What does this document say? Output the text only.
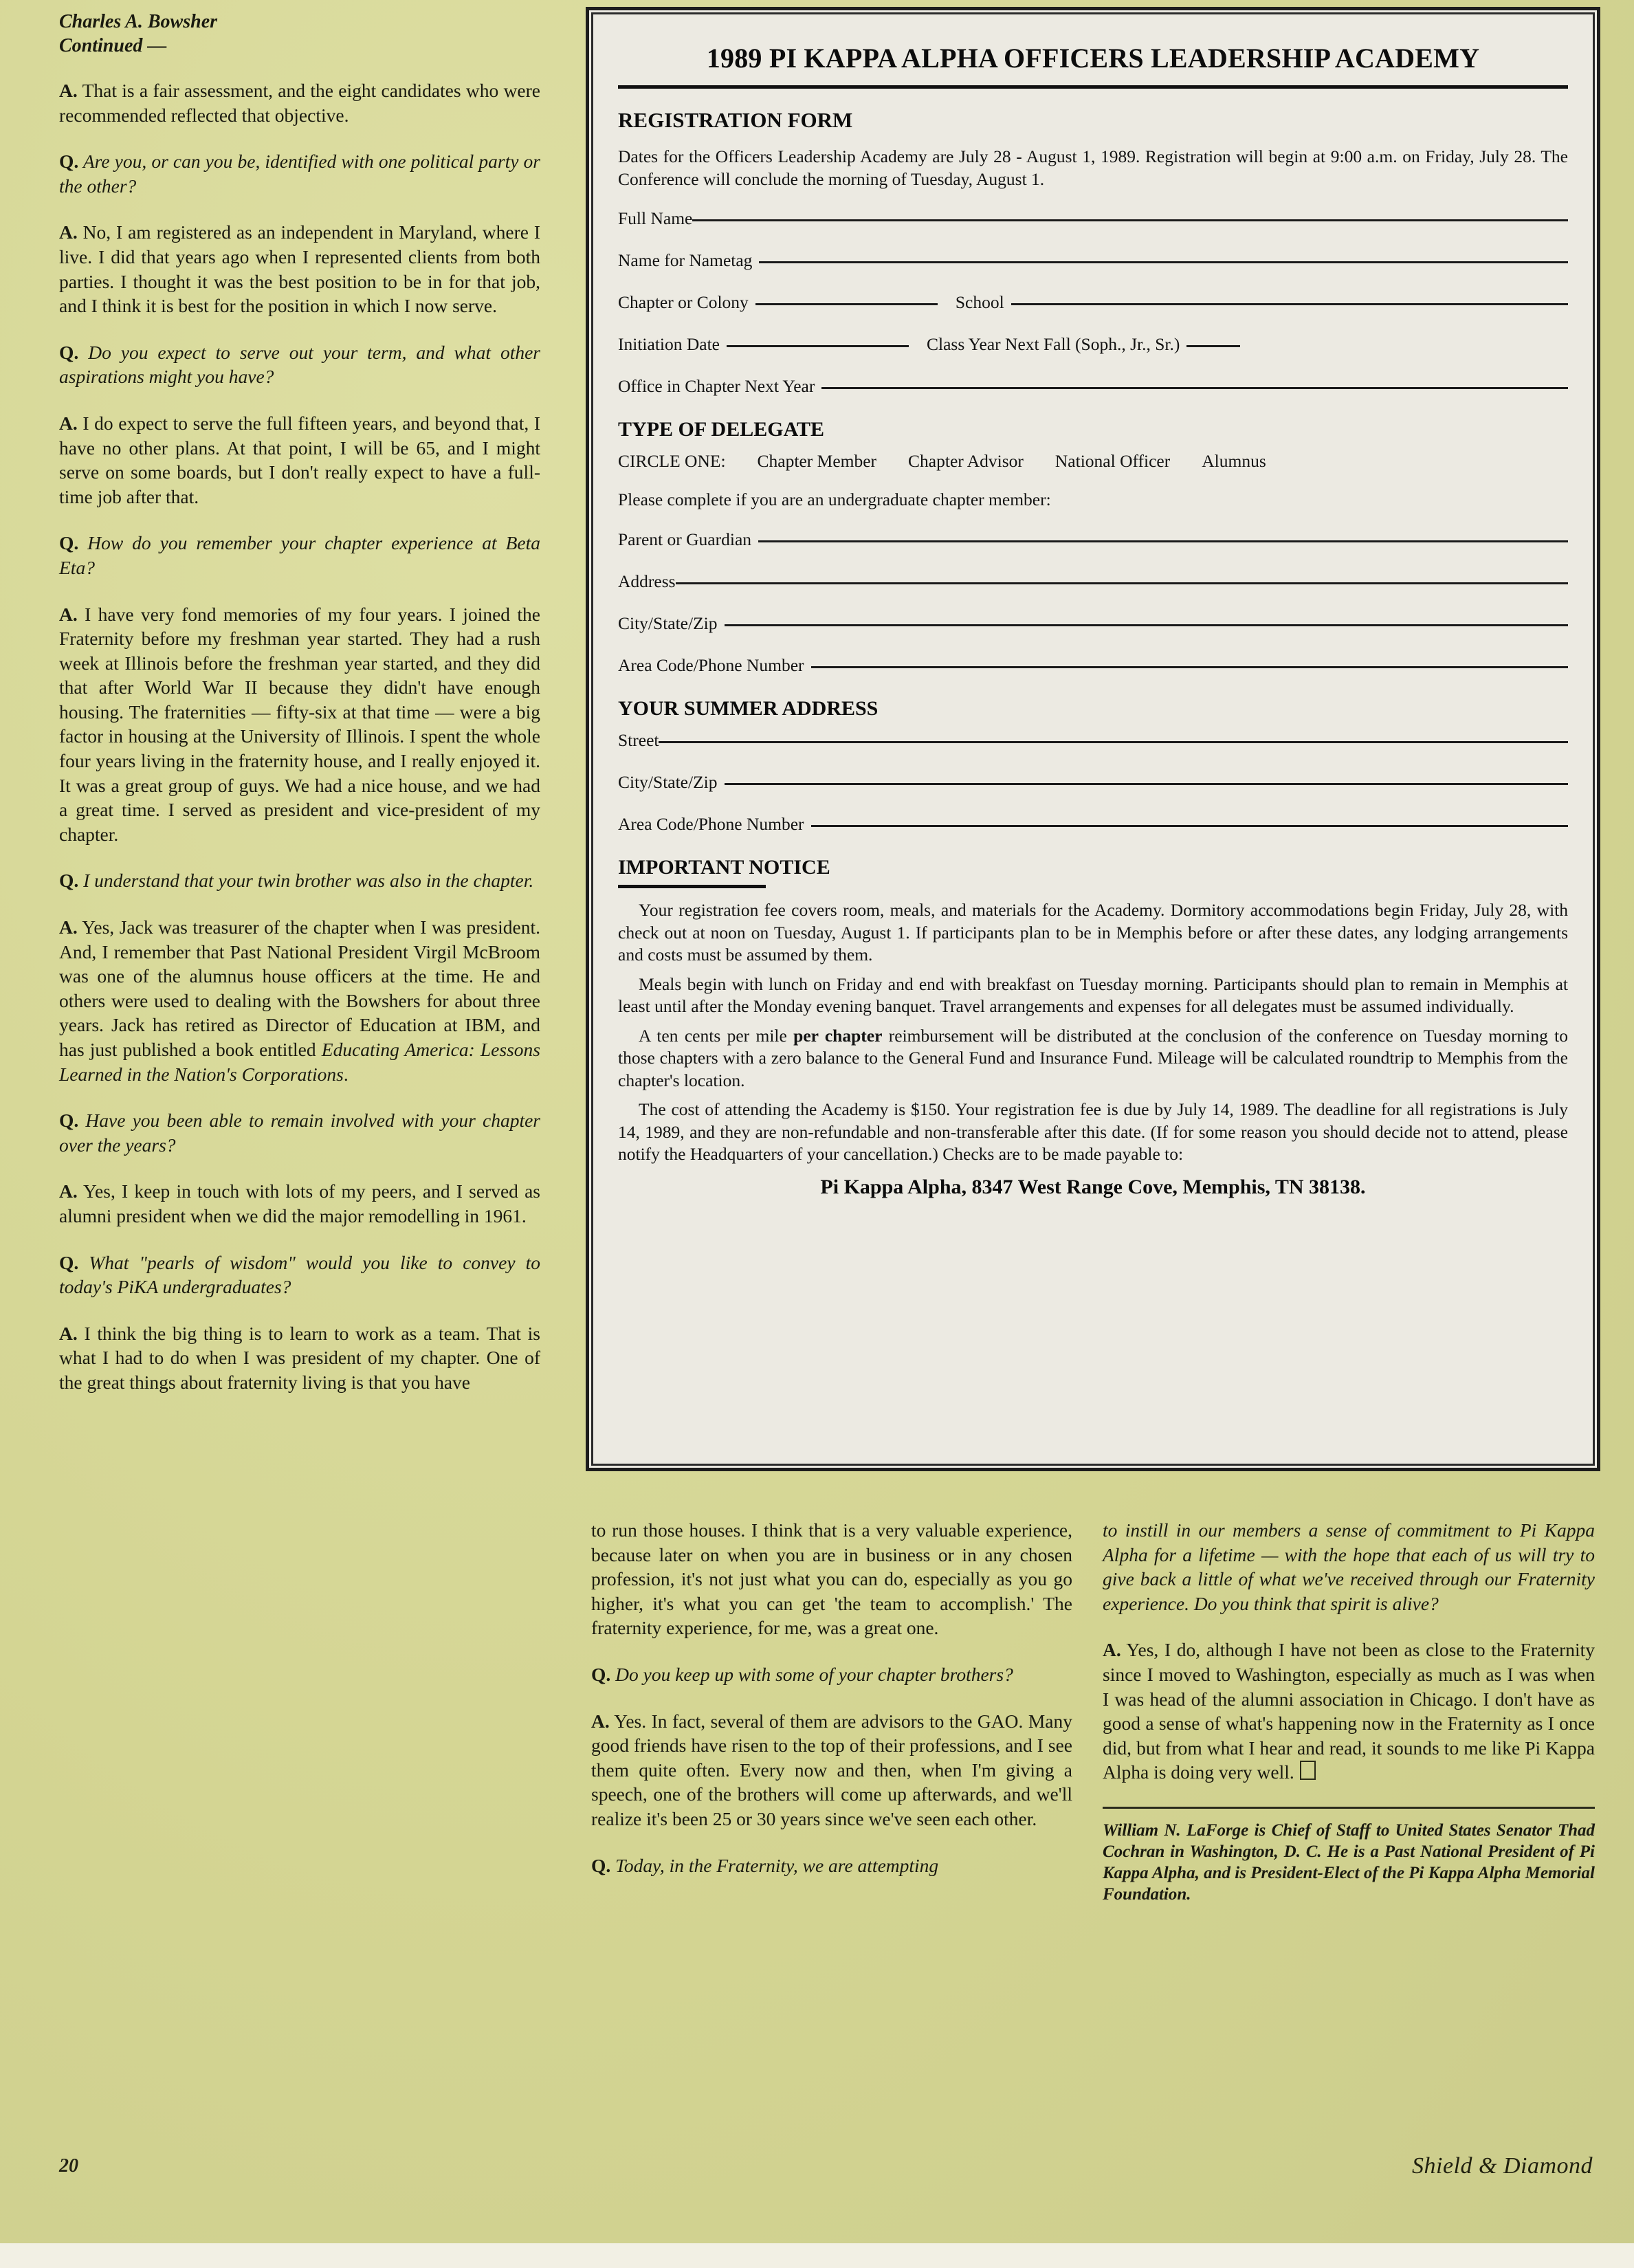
Charles A. Bowsher
Continued —

A. That is a fair assessment, and the eight candidates who were recommended reflected that objective.

Q. Are you, or can you be, identified with one political party or the other?

A. No, I am registered as an independent in Maryland, where I live. I did that years ago when I represented clients from both parties. I thought it was the best position to be in for that job, and I think it is best for the position in which I now serve.

Q. Do you expect to serve out your term, and what other aspirations might you have?

A. I do expect to serve the full fifteen years, and beyond that, I have no other plans. At that point, I will be 65, and I might serve on some boards, but I don't really expect to have a full-time job after that.

Q. How do you remember your chapter experience at Beta Eta?

A. I have very fond memories of my four years. I joined the Fraternity before my freshman year started. They had a rush week at Illinois before the freshman year started, and they did that after World War II because they didn't have enough housing. The fraternities — fifty-six at that time — were a big factor in housing at the University of Illinois. I spent the whole four years living in the fraternity house, and I really enjoyed it. It was a great group of guys. We had a nice house, and we had a great time. I served as president and vice-president of my chapter.

Q. I understand that your twin brother was also in the chapter.

A. Yes, Jack was treasurer of the chapter when I was president. And, I remember that Past National President Virgil McBroom was one of the alumnus house officers at the time. He and others were used to dealing with the Bowshers for about three years. Jack has retired as Director of Education at IBM, and has just published a book entitled Educating America: Lessons Learned in the Nation's Corporations.

Q. Have you been able to remain involved with your chapter over the years?

A. Yes, I keep in touch with lots of my peers, and I served as alumni president when we did the major remodelling in 1961.

Q. What "pearls of wisdom" would you like to convey to today's PiKA undergraduates?

A. I think the big thing is to learn to work as a team. That is what I had to do when I was president of my chapter. One of the great things about fraternity living is that you have

20
1989 PI KAPPA ALPHA OFFICERS LEADERSHIP ACADEMY
REGISTRATION FORM
Dates for the Officers Leadership Academy are July 28 - August 1, 1989. Registration will begin at 9:00 a.m. on Friday, July 28. The Conference will conclude the morning of Tuesday, August 1.
Full Name
Name for Nametag
Chapter or Colony	School
Initiation Date	Class Year Next Fall (Soph., Jr., Sr.)
Office in Chapter Next Year
TYPE OF DELEGATE
CIRCLE ONE: Chapter Member Chapter Advisor National Officer Alumnus
Please complete if you are an undergraduate chapter member:
Parent or Guardian
Address
City/State/Zip
Area Code/Phone Number
YOUR SUMMER ADDRESS
Street
City/State/Zip
Area Code/Phone Number
IMPORTANT NOTICE

Your registration fee covers room, meals, and materials for the Academy. Dormitory accommodations begin Friday, July 28, with check out at noon on Tuesday, August 1. If participants plan to be in Memphis before or after these dates, any lodging arrangements and costs must be assumed by them.

Meals begin with lunch on Friday and end with breakfast on Tuesday morning. Participants should plan to remain in Memphis at least until after the Monday evening banquet. Travel arrangements and expenses for all delegates must be assumed individually.

A ten cents per mile per chapter reimbursement will be distributed at the conclusion of the conference on Tuesday morning to those chapters with a zero balance to the General Fund and Insurance Fund. Mileage will be calculated roundtrip to Memphis from the chapter's location.

The cost of attending the Academy is $150. Your registration fee is due by July 14, 1989. The deadline for all registrations is July 14, 1989, and they are non-refundable and non-transferable after this date. (If for some reason you should decide not to attend, please notify the Headquarters of your cancellation.) Checks are to be made payable to:

Pi Kappa Alpha, 8347 West Range Cove, Memphis, TN 38138.

to run those houses. I think that is a very valuable experience, because later on when you are in business or in any chosen profession, it's not just what you can do, especially as you go higher, it's what you can get 'the team to accomplish.' The fraternity experience, for me, was a great one.

Q. Do you keep up with some of your chapter brothers?

A. Yes. In fact, several of them are advisors to the GAO. Many good friends have risen to the top of their professions, and I see them quite often. Every now and then, when I'm giving a speech, one of the brothers will come up afterwards, and we'll realize it's been 25 or 30 years since we've seen each other.

Q. Today, in the Fraternity, we are attempting

to instill in our members a sense of commitment to Pi Kappa Alpha for a lifetime — with the hope that each of us will try to give back a little of what we've received through our Fraternity experience. Do you think that spirit is alive?

A. Yes, I do, although I have not been as close to the Fraternity since I moved to Washington, especially as much as I was when I was head of the alumni association in Chicago. I don't have as good a sense of what's happening now in the Fraternity as I once did, but from what I hear and read, it sounds to me like Pi Kappa Alpha is doing very well.

William N. LaForge is Chief of Staff to United States Senator Thad Cochran in Washington, D. C. He is a Past National President of Pi Kappa Alpha, and is President-Elect of the Pi Kappa Alpha Memorial Foundation.
Shield & Diamond
